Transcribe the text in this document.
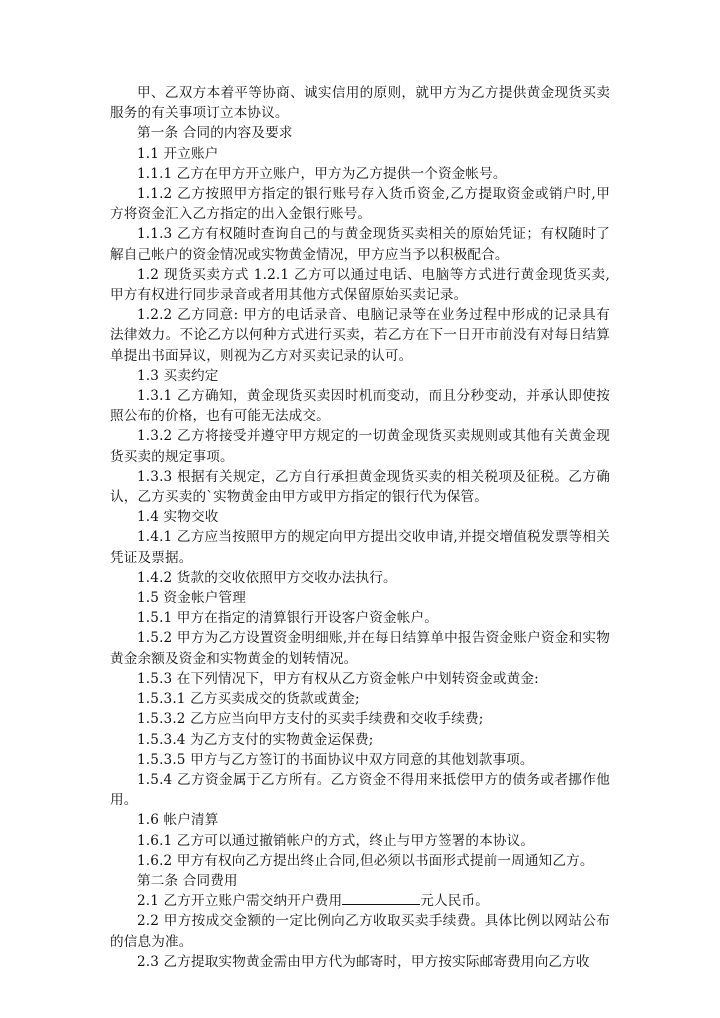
甲、乙双方本着平等协商、诚实信用的原则，就甲方为乙方提供黄金现货买卖服务的有关事项订立本协议。

第一条 合同的内容及要求

1.1 开立账户

1.1.1 乙方在甲方开立账户，甲方为乙方提供一个资金帐号。

1.1.2 乙方按照甲方指定的银行账号存入货币资金,乙方提取资金或销户时,甲方将资金汇入乙方指定的出入金银行账号。

1.1.3 乙方有权随时查询自己的与黄金现货买卖相关的原始凭证；有权随时了解自己帐户的资金情况或实物黄金情况，甲方应当予以积极配合。

1.2 现货买卖方式 1.2.1 乙方可以通过电话、电脑等方式进行黄金现货买卖,甲方有权进行同步录音或者用其他方式保留原始买卖记录。

1.2.2 乙方同意: 甲方的电话录音、电脑记录等在业务过程中形成的记录具有法律效力。不论乙方以何种方式进行买卖，若乙方在下一日开市前没有对每日结算单提出书面异议，则视为乙方对买卖记录的认可。

1.3 买卖约定

1.3.1 乙方确知，黄金现货买卖因时机而变动，而且分秒变动，并承认即使按照公布的价格，也有可能无法成交。

1.3.2 乙方将接受并遵守甲方规定的一切黄金现货买卖规则或其他有关黄金现货买卖的规定事项。

1.3.3 根据有关规定，乙方自行承担黄金现货买卖的相关税项及征税。乙方确认，乙方买卖的`实物黄金由甲方或甲方指定的银行代为保管。

1.4 实物交收

1.4.1 乙方应当按照甲方的规定向甲方提出交收申请,并提交增值税发票等相关凭证及票据。

1.4.2 货款的交收依照甲方交收办法执行。

1.5 资金帐户管理

1.5.1 甲方在指定的清算银行开设客户资金帐户。

1.5.2 甲方为乙方设置资金明细账,并在每日结算单中报告资金账户资金和实物黄金余额及资金和实物黄金的划转情况。

1.5.3 在下列情况下，甲方有权从乙方资金帐户中划转资金或黄金:

1.5.3.1 乙方买卖成交的货款或黄金;

1.5.3.2 乙方应当向甲方支付的买卖手续费和交收手续费;

1.5.3.4 为乙方支付的实物黄金运保费;

1.5.3.5 甲方与乙方签订的书面协议中双方同意的其他划款事项。

1.5.4 乙方资金属于乙方所有。乙方资金不得用来抵偿甲方的债务或者挪作他用。

1.6 帐户清算

1.6.1 乙方可以通过撤销帐户的方式，终止与甲方签署的本协议。

1.6.2 甲方有权向乙方提出终止合同,但必须以书面形式提前一周通知乙方。

第二条 合同费用

2.1 乙方开立账户需交纳开户费用	元人民币。

2.2 甲方按成交金额的一定比例向乙方收取买卖手续费。具体比例以网站公布的信息为准。

2.3 乙方提取实物黄金需由甲方代为邮寄时，甲方按实际邮寄费用向乙方收
